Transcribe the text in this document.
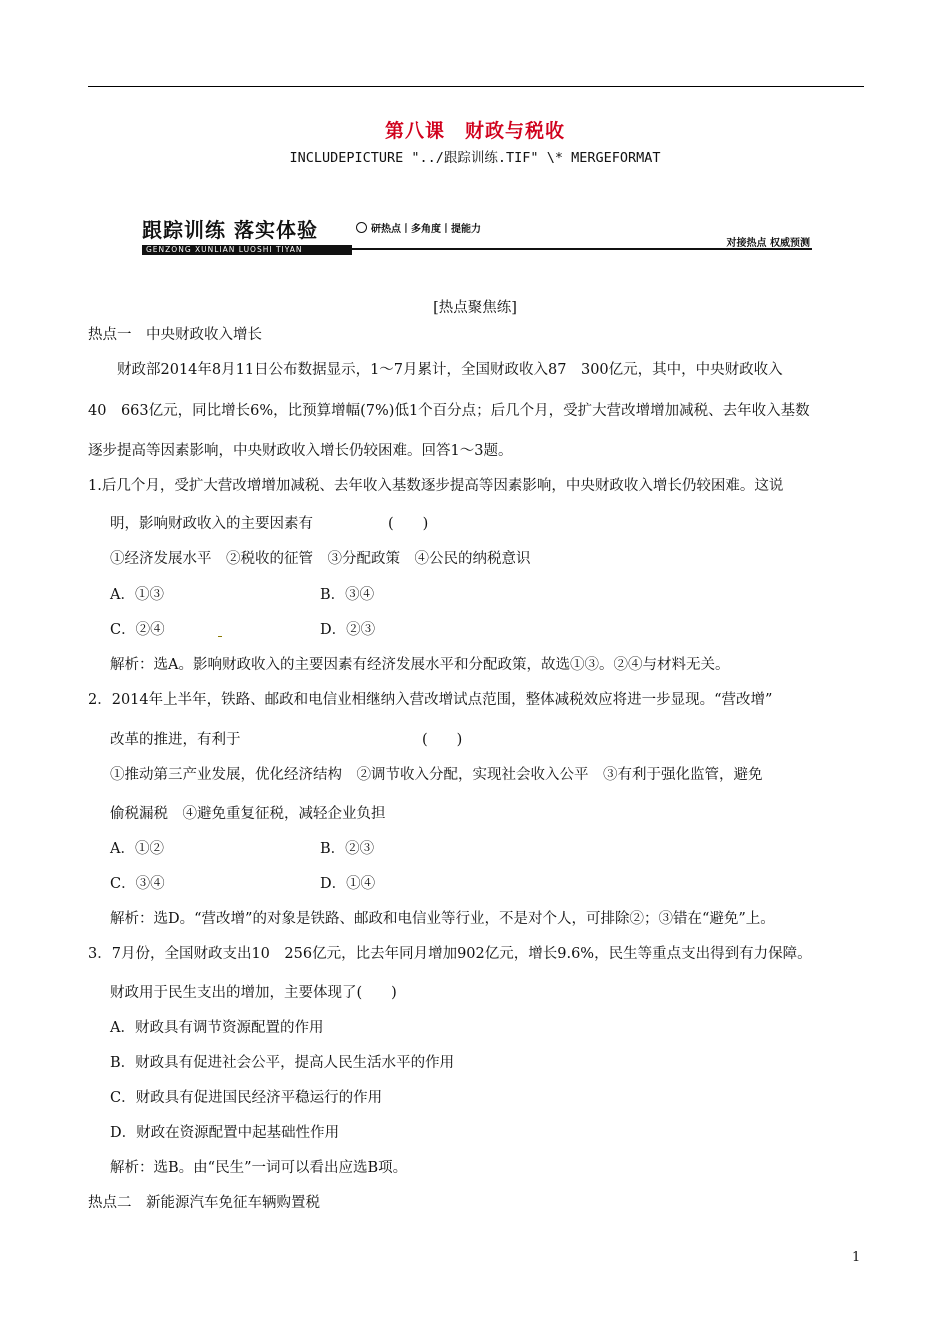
第八课　财政与税收
INCLUDEPICTURE "../跟踪训练.TIF" \* MERGEFORMAT
跟踪训练 落实体验
GENZONG XUNLIAN LUOSHI TIYAN
研热点丨多角度丨提能力
对接热点 权威预测
[热点聚焦练]
热点一　中央财政收入增长
　　财政部2014年8月11日公布数据显示，1～7月累计，全国财政收入87　300亿元，其中，中央财政收入
40　663亿元，同比增长6%，比预算增幅(7%)低1个百分点；后几个月，受扩大营改增增加减税、去年收入基数
逐步提高等因素影响，中央财政收入增长仍较困难。回答1～3题。
1.后几个月，受扩大营改增增加减税、去年收入基数逐步提高等因素影响，中央财政收入增长仍较困难。这说
明，影响财政收入的主要因素有	(　　)
①经济发展水平　②税收的征管　③分配政策　④公民的纳税意识
A．①③	B．③④
C．②④	D．②③
解析：选A。影响财政收入的主要因素有经济发展水平和分配政策，故选①③。②④与材料无关。
2．2014年上半年，铁路、邮政和电信业相继纳入营改增试点范围，整体减税效应将进一步显现。“营改增”
改革的推进，有利于	(　　)
①推动第三产业发展，优化经济结构　②调节收入分配，实现社会收入公平　③有利于强化监管，避免
偷税漏税　④避免重复征税，减轻企业负担
A．①②	B．②③
C．③④	D．①④
解析：选D。“营改增”的对象是铁路、邮政和电信业等行业，不是对个人，可排除②；③错在“避免”上。
3．7月份，全国财政支出10　256亿元，比去年同月增加902亿元，增长9.6%，民生等重点支出得到有力保障。
财政用于民生支出的增加，主要体现了(　　)
A．财政具有调节资源配置的作用
B．财政具有促进社会公平，提高人民生活水平的作用
C．财政具有促进国民经济平稳运行的作用
D．财政在资源配置中起基础性作用
解析：选B。由“民生”一词可以看出应选B项。
热点二　新能源汽车免征车辆购置税
1
